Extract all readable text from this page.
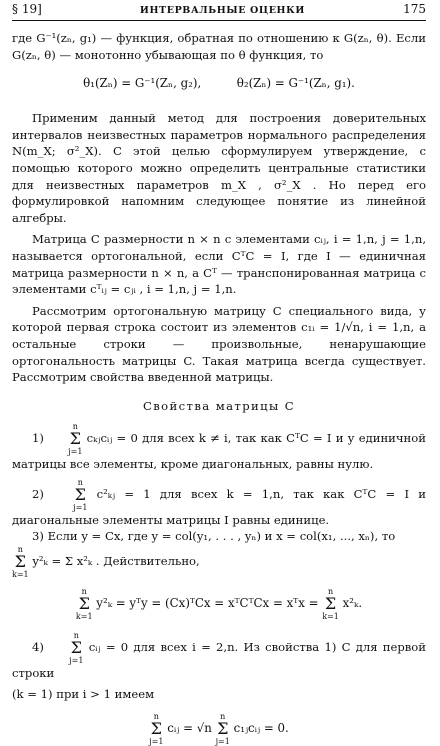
§ 19]	ИНТЕРВАЛЬНЫЕ ОЦЕНКИ	175

где G⁻¹(zₙ, g₁) — функция, обратная по отношению к G(zₙ, θ). Если G(zₙ, θ) — монотонно убывающая по θ функция, то

θ₁(Zₙ) = G⁻¹(Zₙ, g₂),	θ₂(Zₙ) = G⁻¹(Zₙ, g₁).

Применим данный метод для построения доверительных интервалов неизвестных параметров нормального распределения N(m_X; σ²_X). С этой целью сформулируем утверждение, с помощью которого можно определить центральные статистики для неизвестных параметров m_X , σ²_X . Но перед его формулировкой напомним следующее понятие из линейной алгебры.

Матрица C размерности n × n с элементами cᵢⱼ, i = 1,n, j = 1,n, называется ортогональной, если CᵀC = I, где I — единичная матрица размерности n × n, а Cᵀ — транспонированная матрица с элементами cᵀᵢⱼ = cⱼᵢ , i = 1,n, j = 1,n.

Рассмотрим ортогональную матрицу C специального вида, у которой первая строка состоит из элементов c₁ᵢ = 1/√n, i = 1,n, а остальные строки — произвольные, ненарушающие ортогональность матрицы C. Такая матрица всегда существует. Рассмотрим свойства введенной матрицы.

Свойства матрицы C

1)
n
Σ
j=1
cₖⱼcᵢⱼ = 0 для всех k ≠ i, так как CᵀC = I и у единичной матрицы все элементы, кроме диагональных, равны нулю.

2)
n
Σ
j=1
c²ₖⱼ = 1 для всех k = 1,n, так как CᵀC = I и диагональные элементы матрицы I равны единице.

3) Если y = Cx, где y = col(y₁, . . . , yₙ) и x = col(x₁, ..., xₙ), то

n
Σ
k=1
y²ₖ = Σ x²ₖ . Действительно,

n
Σ
k=1
y²ₖ = yᵀy = (Cx)ᵀCx = xᵀCᵀCx = xᵀx =
n
Σ
k=1
x²ₖ.

4)
n
Σ
j=1
cᵢⱼ = 0 для всех i = 2,n. Из свойства 1) C для первой строки

(k = 1) при i > 1 имеем

n
Σ
j=1
cᵢⱼ = √n
n
Σ
j=1
c₁ⱼcᵢⱼ = 0.
